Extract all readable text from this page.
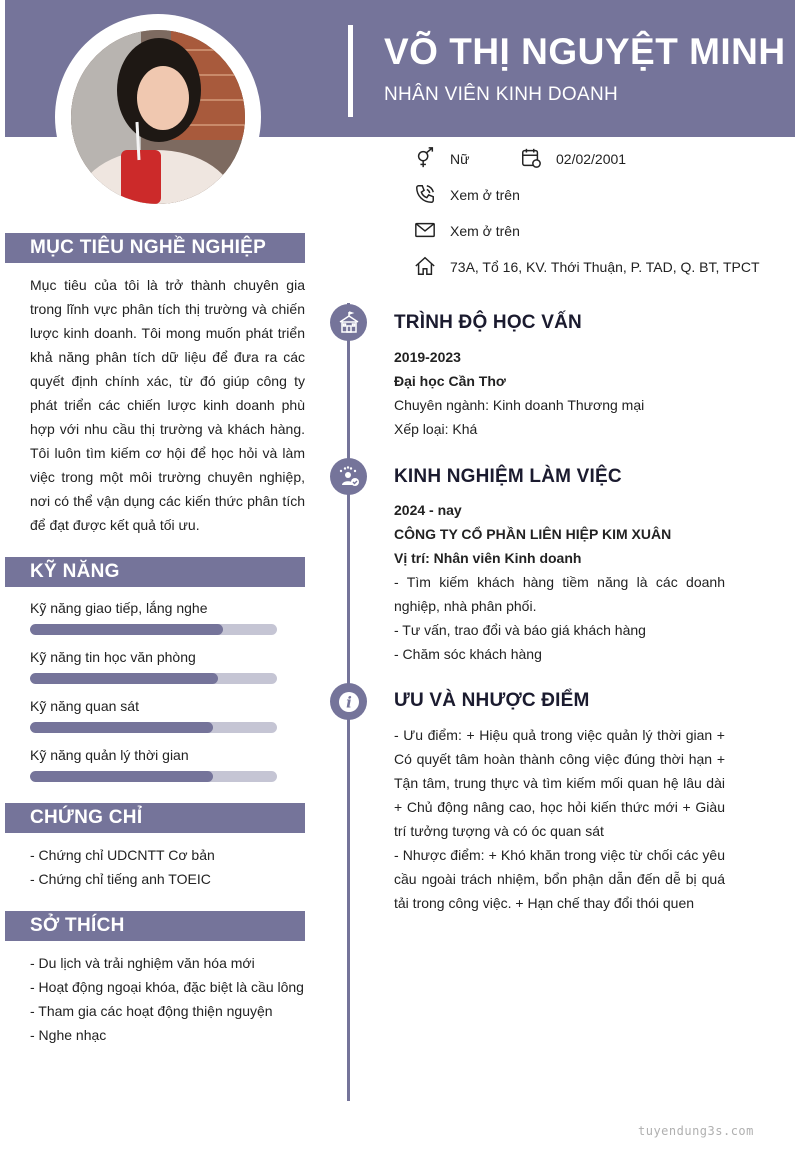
VÕ THỊ NGUYỆT MINH
NHÂN VIÊN KINH DOANH
Nữ	02/02/2001
Xem ở trên
Xem ở trên
73A, Tổ 16, KV. Thới Thuận, P. TAD, Q. BT, TPCT
MỤC TIÊU NGHỀ NGHIỆP
Mục tiêu của tôi là trở thành chuyên gia trong lĩnh vực phân tích thị trường và chiến lược kinh doanh. Tôi mong muốn phát triển khả năng phân tích dữ liệu để đưa ra các quyết định chính xác, từ đó giúp công ty phát triển các chiến lược kinh doanh phù hợp với nhu cầu thị trường và khách hàng. Tôi luôn tìm kiếm cơ hội để học hỏi và làm việc trong một môi trường chuyên nghiệp, nơi có thể vận dụng các kiến thức phân tích để đạt được kết quả tối ưu.
KỸ NĂNG
Kỹ năng giao tiếp, lắng nghe
Kỹ năng tin học văn phòng
Kỹ năng quan sát
Kỹ năng quản lý thời gian
CHỨNG CHỈ
- Chứng chỉ UDCNTT Cơ bản
- Chứng chỉ tiếng anh TOEIC
SỞ THÍCH
- Du lịch và trải nghiệm văn hóa mới
- Hoạt động ngoại khóa, đặc biệt là cầu lông
- Tham gia các hoạt động thiện nguyện
- Nghe nhạc
TRÌNH ĐỘ HỌC VẤN
2019-2023
Đại học Cần Thơ
Chuyên ngành: Kinh doanh Thương mại
Xếp loại: Khá
KINH NGHIỆM LÀM VIỆC
2024 - nay
CÔNG TY CỔ PHẦN LIÊN HIỆP KIM XUÂN
Vị trí: Nhân viên Kinh doanh
- Tìm kiếm khách hàng tiềm năng là các doanh nghiệp, nhà phân phối.
- Tư vấn, trao đổi và báo giá khách hàng
- Chăm sóc khách hàng
i ƯU VÀ NHƯỢC ĐIỂM
- Ưu điểm: + Hiệu quả trong việc quản lý thời gian + Có quyết tâm hoàn thành công việc đúng thời hạn + Tận tâm, trung thực và tìm kiếm mối quan hệ lâu dài + Chủ động nâng cao, học hỏi kiến thức mới + Giàu trí tưởng tượng và có óc quan sát
- Nhược điểm: + Khó khăn trong việc từ chối các yêu cầu ngoài trách nhiệm, bổn phận dẫn đến dễ bị quá tải trong công việc. + Hạn chế thay đổi thói quen
tuyendung3s.com
